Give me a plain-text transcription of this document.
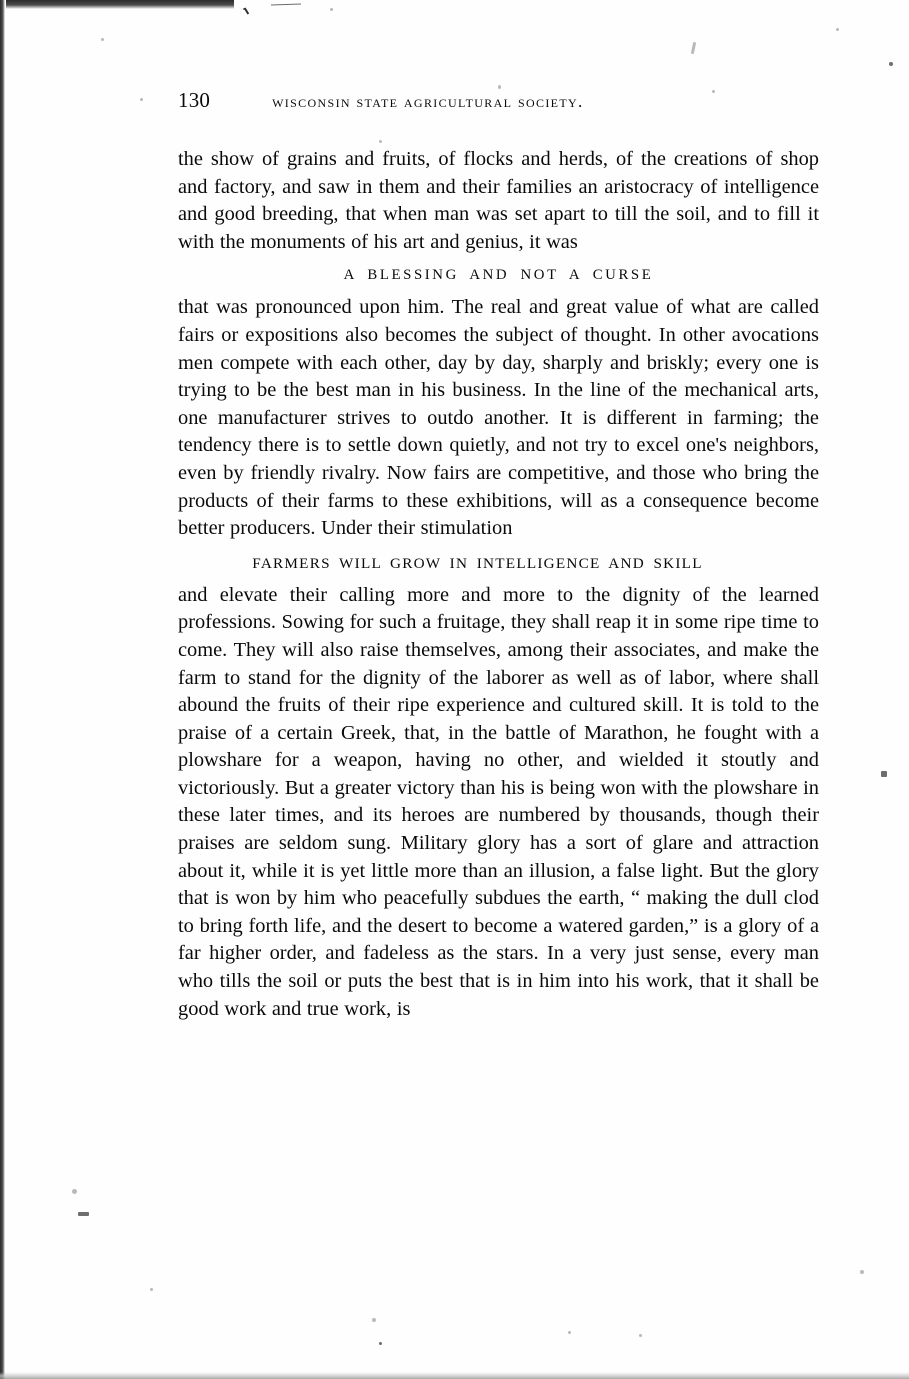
130	wisconsin state agricultural society.

the show of grains and fruits, of flocks and herds, of the creations of shop and factory, and saw in them and their families an aristocracy of intelligence and good breeding, that when man was set apart to till the soil, and to fill it with the monuments of his art and genius, it was

A BLESSING AND NOT A CURSE

that was pronounced upon him. The real and great value of what are called fairs or expositions also becomes the subject of thought. In other avocations men compete with each other, day by day, sharply and briskly; every one is trying to be the best man in his business. In the line of the mechanical arts, one manufacturer strives to outdo another. It is different in farming; the tendency there is to settle down quietly, and not try to excel one's neighbors, even by friendly rivalry. Now fairs are competitive, and those who bring the products of their farms to these exhibitions, will as a consequence become better producers. Under their stimulation

FARMERS WILL GROW IN INTELLIGENCE AND SKILL

and elevate their calling more and more to the dignity of the learned professions. Sowing for such a fruitage, they shall reap it in some ripe time to come. They will also raise themselves, among their associates, and make the farm to stand for the dignity of the laborer as well as of labor, where shall abound the fruits of their ripe experience and cultured skill. It is told to the praise of a certain Greek, that, in the battle of Marathon, he fought with a plowshare for a weapon, having no other, and wielded it stoutly and victoriously. But a greater victory than his is being won with the plowshare in these later times, and its heroes are numbered by thousands, though their praises are seldom sung. Military glory has a sort of glare and attraction about it, while it is yet little more than an illusion, a false light. But the glory that is won by him who peacefully subdues the earth, “ making the dull clod to bring forth life, and the desert to become a watered garden,” is a glory of a far higher order, and fadeless as the stars. In a very just sense, every man who tills the soil or puts the best that is in him into his work, that it shall be good work and true work, is
